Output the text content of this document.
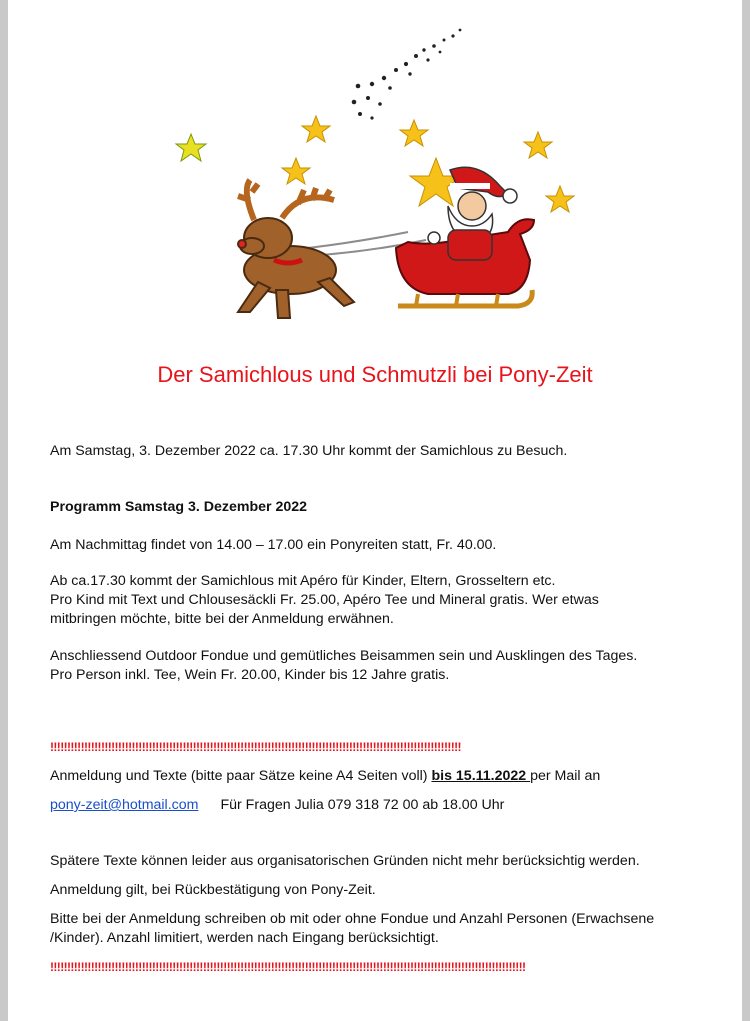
Der Samichlous und Schmutzli bei Pony-Zeit
Am Samstag, 3. Dezember 2022 ca. 17.30 Uhr kommt der Samichlous zu Besuch.
Programm Samstag 3. Dezember 2022
Am Nachmittag findet von 14.00 – 17.00 ein Ponyreiten statt, Fr. 40.00.
Ab ca.17.30 kommt der Samichlous mit Apéro für Kinder, Eltern, Grosseltern etc.
Pro Kind mit Text und Chlousesäckli Fr. 25.00, Apéro Tee und Mineral gratis. Wer etwas
mitbringen möchte, bitte bei der Anmeldung erwähnen.
Anschliessend Outdoor Fondue und gemütliches Beisammen sein und Ausklingen des Tages.
Pro Person inkl. Tee, Wein Fr. 20.00, Kinder bis 12 Jahre gratis.
!!!!!!!!!!!!!!!!!!!!!!!!!!!!!!!!!!!!!!!!!!!!!!!!!!!!!!!!!!!!!!!!!!!!!!!!!!!!!!!!!!!!!!!!!!!!!!!!!!!!!!!!!!!!!!!!!!!!!!!!!
Anmeldung und Texte (bitte paar Sätze keine A4 Seiten voll) bis 15.11.2022 per Mail an
pony-zeit@hotmail.com Für Fragen Julia 079 318 72 00 ab 18.00 Uhr
Spätere Texte können leider aus organisatorischen Gründen nicht mehr berücksichtig werden.
Anmeldung gilt, bei Rückbestätigung von Pony-Zeit.
Bitte bei der Anmeldung schreiben ob mit oder ohne Fondue und Anzahl Personen (Erwachsene
/Kinder). Anzahl limitiert, werden nach Eingang berücksichtigt.
!!!!!!!!!!!!!!!!!!!!!!!!!!!!!!!!!!!!!!!!!!!!!!!!!!!!!!!!!!!!!!!!!!!!!!!!!!!!!!!!!!!!!!!!!!!!!!!!!!!!!!!!!!!!!!!!!!!!!!!!!!!!!!!!!!!!!!!!!!!!
